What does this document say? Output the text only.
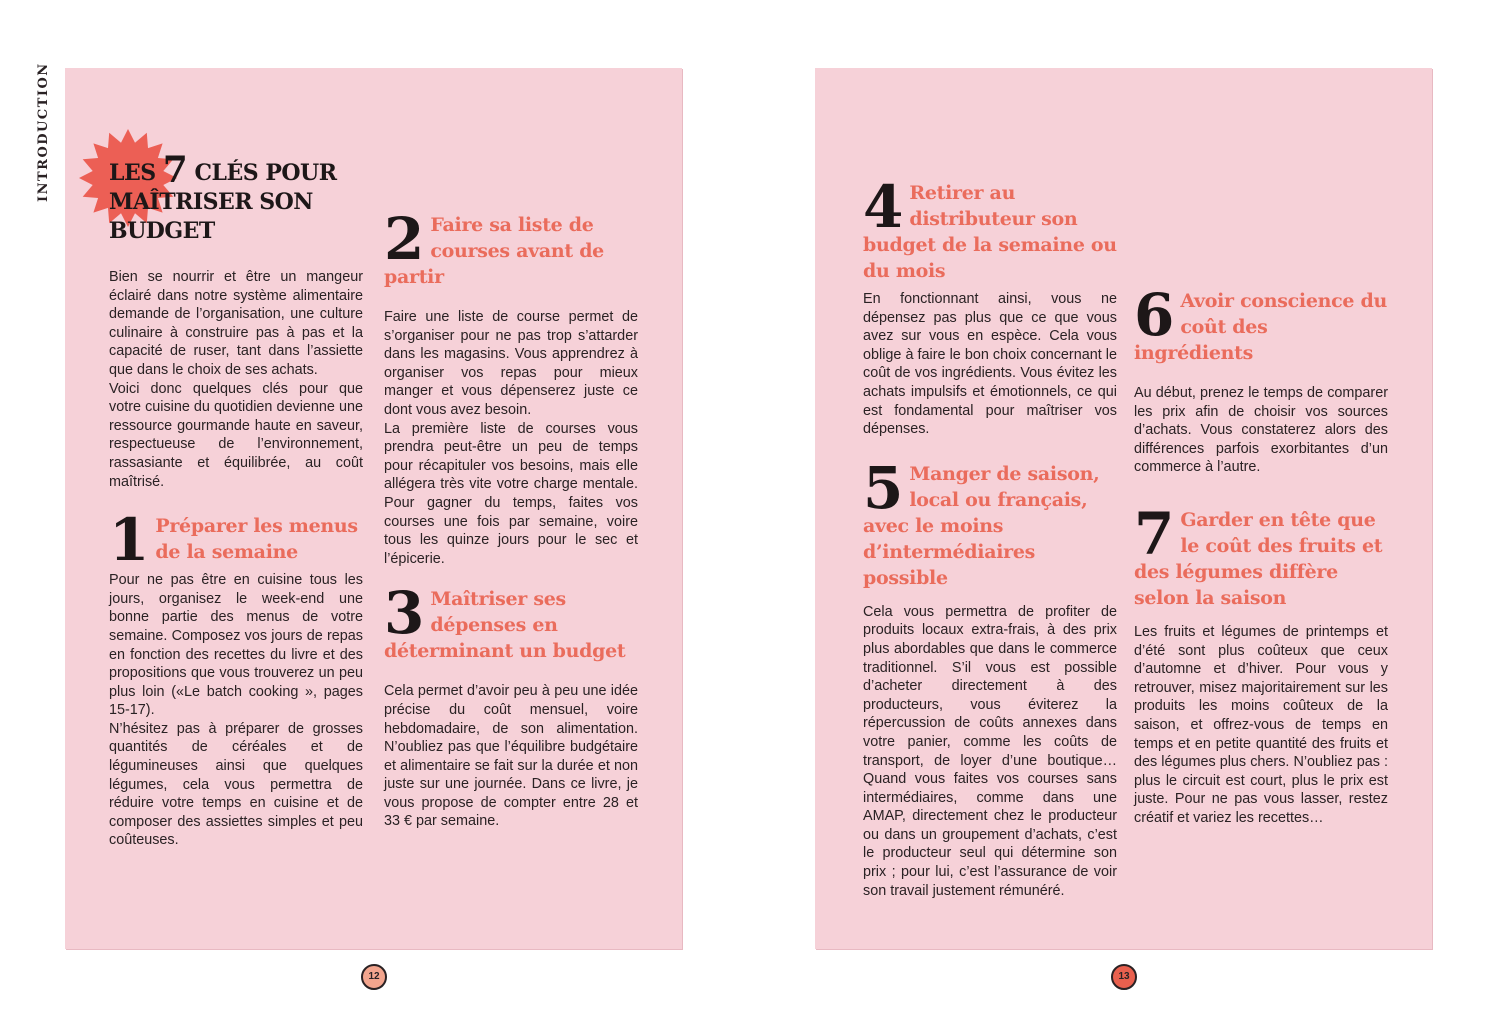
INTRODUCTION	LES 7 CLÉS POUR
MAÎTRISER SON
BUDGET

Bien se nourrir et être un mangeur éclairé dans notre système alimentaire demande de l’organisation, une culture culinaire à construire pas à pas et la capacité de ruser, tant dans l’assiette que dans le choix de ses achats.

Voici donc quelques clés pour que votre cuisine du quotidien devienne une ressource gourmande haute en saveur, respectueuse de l’environnement, rassasiante et équilibrée, au coût maîtrisé.

1 Préparer les menus de la semaine

Pour ne pas être en cuisine tous les jours, organisez le week-end une bonne partie des menus de votre semaine. Composez vos jours de repas en fonction des recettes du livre et des propositions que vous trouverez un peu plus loin («Le batch cooking », pages 15-17).

N’hésitez pas à préparer de grosses quantités de céréales et de légumineuses ainsi que quelques légumes, cela vous permettra de réduire votre temps en cuisine et de composer des assiettes simples et peu coûteuses.

2 Faire sa liste de courses avant de partir

Faire une liste de course permet de s’organiser pour ne pas trop s’attarder dans les magasins. Vous apprendrez à organiser vos repas pour mieux manger et vous dépenserez juste ce dont vous avez besoin.

La première liste de courses vous prendra peut-être un peu de temps pour récapituler vos besoins, mais elle allégera très vite votre charge mentale. Pour gagner du temps, faites vos courses une fois par semaine, voire tous les quinze jours pour le sec et l’épicerie.

3 Maîtriser ses dépenses en déterminant un budget

Cela permet d’avoir peu à peu une idée précise du coût mensuel, voire hebdomadaire, de son alimentation. N’oubliez pas que l’équilibre budgétaire et alimentaire se fait sur la durée et non juste sur une journée. Dans ce livre, je vous propose de compter entre 28 et 33 € par semaine.

4 Retirer au distributeur son budget de la semaine ou du mois

En fonctionnant ainsi, vous ne dépensez pas plus que ce que vous avez sur vous en espèce. Cela vous oblige à faire le bon choix concernant le coût de vos ingrédients. Vous évitez les achats impulsifs et émotionnels, ce qui est fondamental pour maîtriser vos dépenses.

5 Manger de saison, local ou français, avec le moins d’intermédiaires possible

Cela vous permettra de profiter de produits locaux extra-frais, à des prix plus abordables que dans le commerce traditionnel. S’il vous est possible d’acheter directement à des producteurs, vous éviterez la répercussion de coûts annexes dans votre panier, comme les coûts de transport, de loyer d’une boutique… Quand vous faites vos courses sans intermédiaires, comme dans une AMAP, directement chez le producteur ou dans un groupement d’achats, c’est le producteur seul qui détermine son prix ; pour lui, c’est l’assurance de voir son travail justement rémunéré.

6 Avoir conscience du coût des ingrédients

Au début, prenez le temps de comparer les prix afin de choisir vos sources d’achats. Vous constaterez alors des différences parfois exorbitantes d’un commerce à l’autre.

7 Garder en tête que le coût des fruits et des légumes diffère selon la saison

Les fruits et légumes de printemps et d’été sont plus coûteux que ceux d’automne et d’hiver. Pour vous y retrouver, misez majoritairement sur les produits les moins coûteux de la saison, et offrez-vous de temps en temps et en petite quantité des fruits et des légumes plus chers. N’oubliez pas : plus le circuit est court, plus le prix est juste. Pour ne pas vous lasser, restez créatif et variez les recettes…

12	13
